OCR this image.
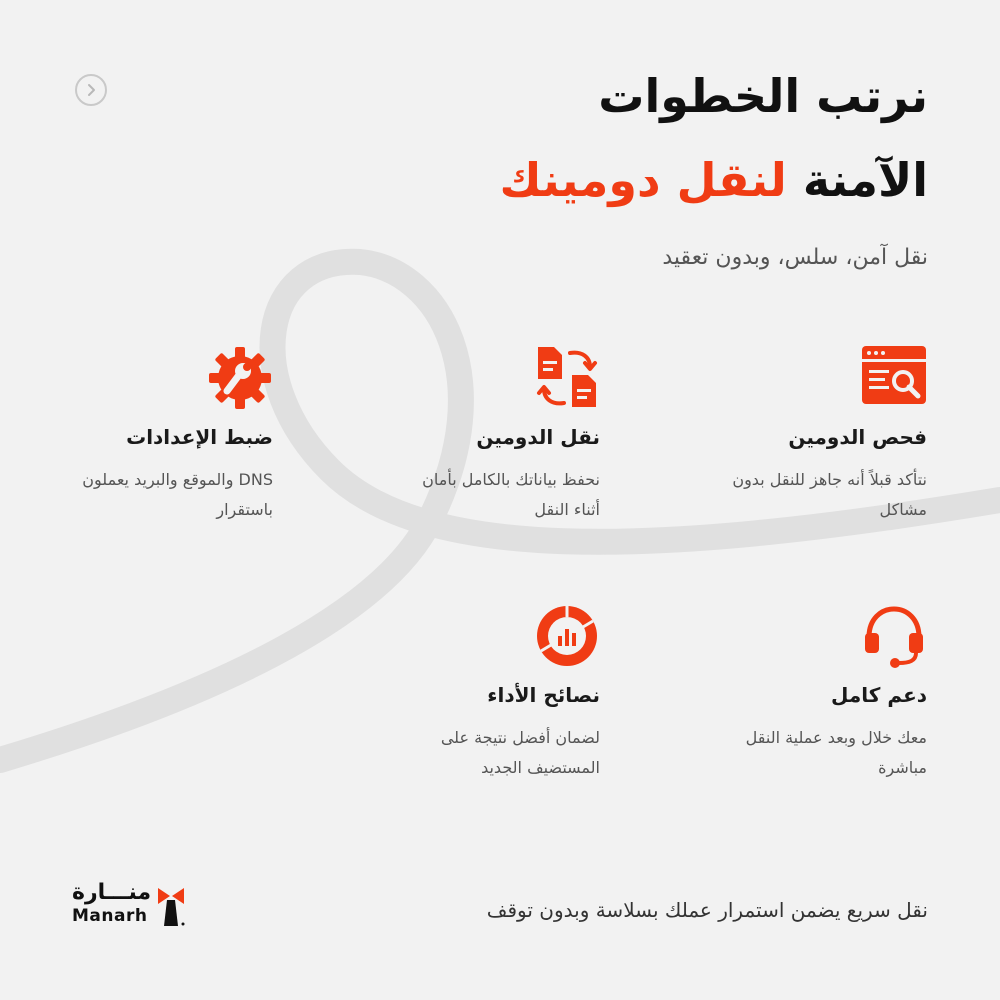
نرتب الخطوات
الآمنة لنقل دومينك
نقل آمن، سلس، وبدون تعقيد
فحص الدومين
نتأكد قبلاً أنه جاهز للنقل بدون مشاكل
نقل الدومين
نحفظ بياناتك بالكامل بأمان أثناء النقل
ضبط الإعدادات
DNS والموقع والبريد يعملون باستقرار
دعم كامل
معك خلال وبعد عملية النقل مباشرة
نصائح الأداء
لضمان أفضل نتيجة على المستضيف الجديد
نقل سريع يضمن استمرار عملك بسلاسة وبدون توقف
منـــارة
Manarh
